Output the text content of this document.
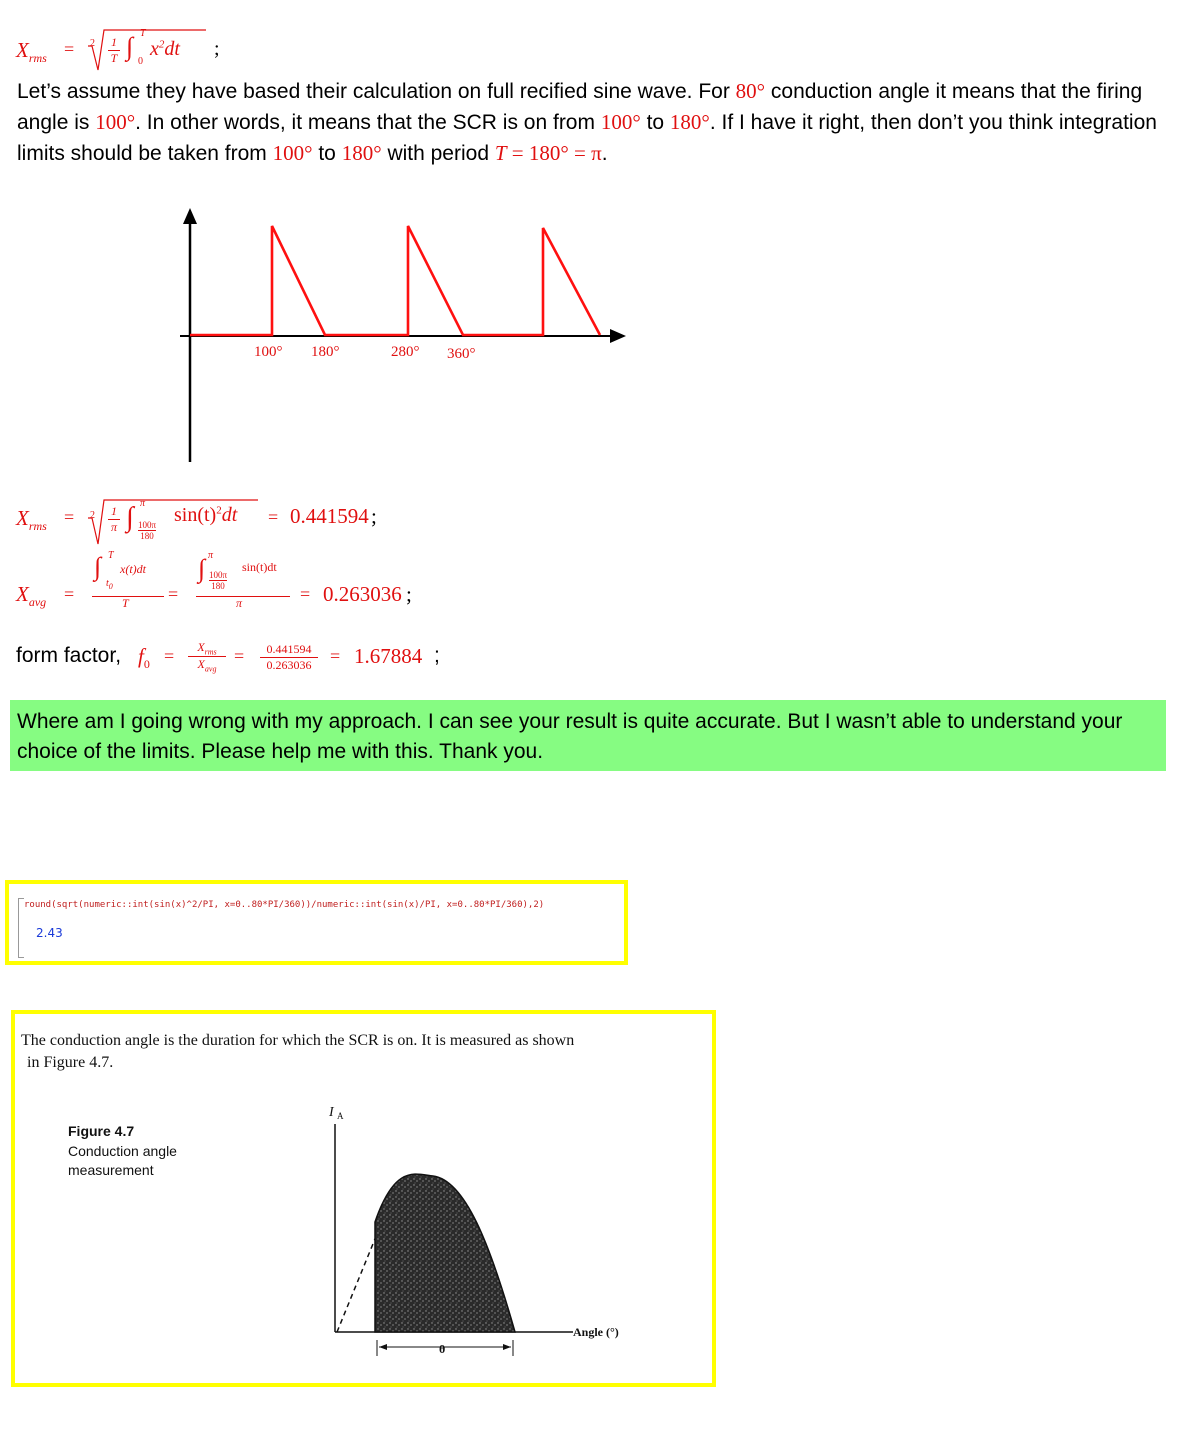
$X_{rms} = 2$ 1
T ∫ T
0
$x^2dt$ ;
Let’s assume they have based their calculation on full recified sine wave. For 80° conduction angle it means that the firing angle is 100°. In other words, it means that the SCR is on from 100° to 180°. If I have it right, then don’t you think integration limits should be taken from 100° to 180° with period T = 180° = π.
100° 180°	280° 360°
$X_{rms} = 2$ 1
π ∫ π
100π
180
$\sin(t)^2dt = 0.441594$ ;
$X_{avg}$ =
∫ T
$t_0$
x(t)dt
T =
∫ π
100π
180
sin(t)dt
π	= 0.263036 ;
form factor, $f_0$ =	$X_{rms}$
$X_{avg}$
=	0.441594
0.263036	= 1.67884 ;
Where am I going wrong with my approach. I can see your result is quite accurate. But I wasn’t able to understand your choice of the limits. Please help me with this. Thank you.
round(sqrt(numeric::int(sin(x)^2/PI, x=0..80*PI/360))/numeric::int(sin(x)/PI, x=0..80*PI/360),2)
2.43
The conduction angle is the duration for which the SCR is on. It is measured as shown
in Figure 4.7.
Figure 4.7
Conduction angle
measurement
I A
Angle (°)
θ
